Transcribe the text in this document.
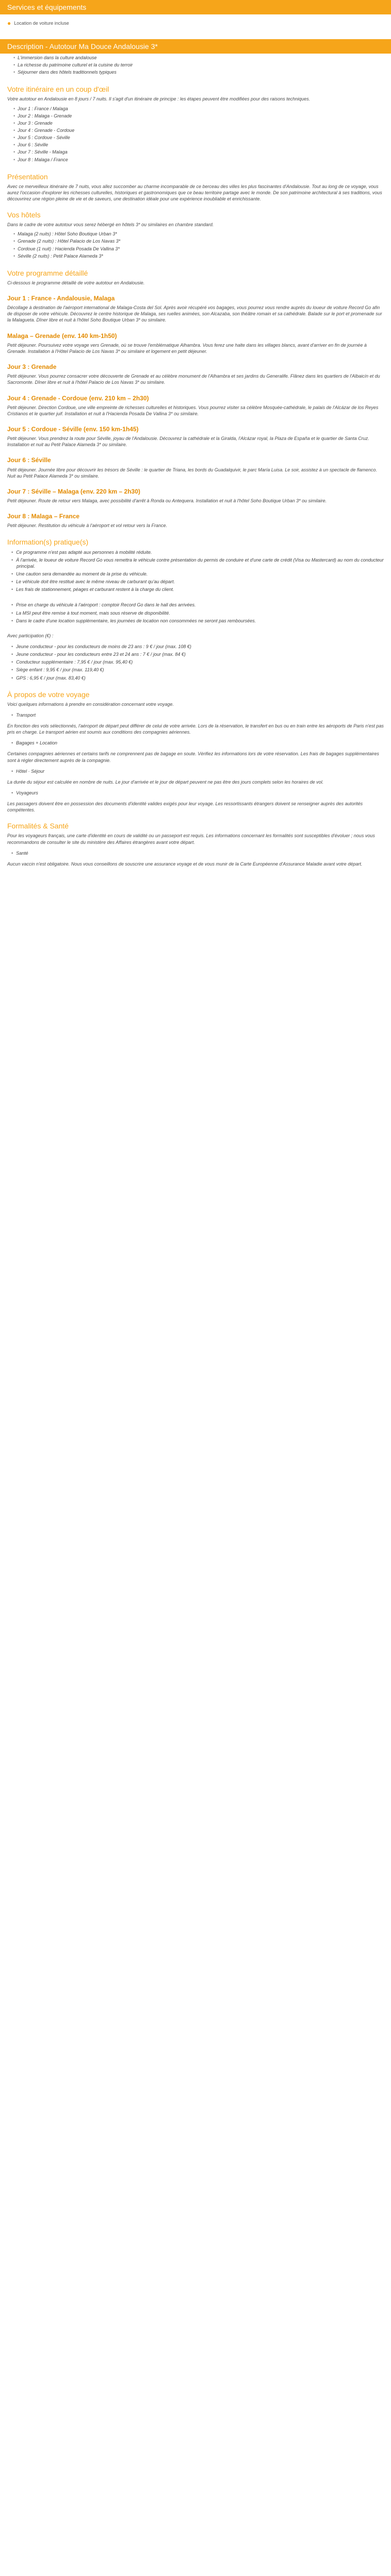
Services et équipements
● Location de voiture incluse
Description - Autotour Ma Douce Andalousie 3*
• L'immersion dans la culture andalouse
• La richesse du patrimoine culturel et la cuisine du terroir
• Séjourner dans des hôtels traditionnels typiques
Votre itinéraire en un coup d'œil

Votre autotour en Andalousie en 8 jours / 7 nuits. Il s'agit d'un itinéraire de principe : les étapes peuvent être modifiées pour des raisons techniques.

• Jour 1 : France / Malaga
• Jour 2 : Malaga - Grenade
• Jour 3 : Grenade
• Jour 4 : Grenade - Cordoue
• Jour 5 : Cordoue - Séville
• Jour 6 : Séville
• Jour 7 : Séville - Malaga
• Jour 8 : Malaga / France
Présentation

Avec ce merveilleux itinéraire de 7 nuits, vous allez succomber au charme incomparable de ce berceau des villes les plus fascinantes d'Andalousie. Tout au long de ce voyage, vous aurez l'occasion d'explorer les richesses culturelles, historiques et gastronomiques que ce beau territoire partage avec le monde. De son patrimoine architectural à ses traditions, vous découvrirez une région pleine de vie et de saveurs, une destination idéale pour une expérience inoubliable et enrichissante.

Vos hôtels

Dans le cadre de votre autotour vous serez hébergé en hôtels 3* ou similaires en chambre standard.

• Malaga (2 nuits) : Hôtel Soho Boutique Urban 3*
• Grenade (2 nuits) : Hôtel Palacio de Los Navas 3*
• Cordoue (1 nuit) : Hacienda Posada De Vallina 3*
• Séville (2 nuits) : Petit Palace Alameda 3*
Votre programme détaillé

Ci-dessous le programme détaillé de votre autotour en Andalousie.

Jour 1 : France - Andalousie, Malaga

Décollage à destination de l'aéroport international de Malaga-Costa del Sol. Après avoir récupéré vos bagages, vous pourrez vous rendre auprès du loueur de voiture Record Go afin de disposer de votre véhicule. Découvrez le centre historique de Malaga, ses ruelles animées, son Alcazaba, son théâtre romain et sa cathédrale. Balade sur le port et promenade sur la Malagueta. Dîner libre et nuit à l'hôtel Soho Boutique Urban 3* ou similaire.

Malaga – Grenade (env. 140 km-1h50)

Petit déjeuner. Poursuivez votre voyage vers Grenade, où se trouve l'emblématique Alhambra. Vous ferez une halte dans les villages blancs, avant d'arriver en fin de journée à Grenade. Installation à l'Hôtel Palacio de Los Navas 3* ou similaire et logement en petit déjeuner.

Jour 3 : Grenade

Petit déjeuner. Vous pourrez consacrer votre découverte de Grenade et au célèbre monument de l'Alhambra et ses jardins du Generalife. Flânez dans les quartiers de l'Albaicín et du Sacromonte. Dîner libre et nuit à l'hôtel Palacio de Los Navas 3* ou similaire.

Jour 4 : Grenade - Cordoue (env. 210 km – 2h30)

Petit déjeuner. Direction Cordoue, une ville empreinte de richesses culturelles et historiques. Vous pourrez visiter sa célèbre Mosquée-cathédrale, le palais de l'Alcázar de los Reyes Cristianos et le quartier juif. Installation et nuit à l'Hacienda Posada De Vallina 3* ou similaire.

Jour 5 : Cordoue - Séville (env. 150 km-1h45)

Petit déjeuner. Vous prendrez la route pour Séville, joyau de l'Andalousie. Découvrez la cathédrale et la Giralda, l'Alcázar royal, la Plaza de España et le quartier de Santa Cruz. Installation et nuit au Petit Palace Alameda 3* ou similaire.

Jour 6 : Séville

Petit déjeuner. Journée libre pour découvrir les trésors de Séville : le quartier de Triana, les bords du Guadalquivir, le parc María Luisa. Le soir, assistez à un spectacle de flamenco. Nuit au Petit Palace Alameda 3* ou similaire.

Jour 7 : Séville – Malaga (env. 220 km – 2h30)

Petit déjeuner. Route de retour vers Malaga, avec possibilité d'arrêt à Ronda ou Antequera. Installation et nuit à l'hôtel Soho Boutique Urban 3* ou similaire.

Jour 8 : Malaga – France

Petit déjeuner. Restitution du véhicule à l'aéroport et vol retour vers la France.

Information(s) pratique(s)
• Ce programme n'est pas adapté aux personnes à mobilité réduite.
• À l'arrivée, le loueur de voiture Record Go vous remettra le véhicule contre présentation du permis de conduire et d'une carte de crédit (Visa ou Mastercard) au nom du conducteur principal.
• Une caution sera demandée au moment de la prise du véhicule.
• Le véhicule doit être restitué avec le même niveau de carburant qu'au départ.
• Les frais de stationnement, péages et carburant restent à la charge du client.
• Prise en charge du véhicule à l'aéroport : comptoir Record Go dans le hall des arrivées.
• La MSI peut être remise à tout moment, mais sous réserve de disponibilité.
• Dans le cadre d'une location supplémentaire, les journées de location non consommées ne seront pas remboursées.

Avec participation (€) :

• Jeune conducteur - pour les conducteurs de moins de 23 ans : 9 € / jour (max. 108 €)
• Jeune conducteur - pour les conducteurs entre 23 et 24 ans : 7 € / jour (max. 84 €)
• Conducteur supplémentaire : 7,95 € / jour (max. 95,40 €)
• Siège enfant : 9,95 € / jour (max. 119,40 €)
• GPS : 6,95 € / jour (max. 83,40 €)
À propos de votre voyage

Voici quelques informations à prendre en considération concernant votre voyage.

• Transport

En fonction des vols sélectionnés, l'aéroport de départ peut différer de celui de votre arrivée. Lors de la réservation, le transfert en bus ou en train entre les aéroports de Paris n'est pas pris en charge. Le transport aérien est soumis aux conditions des compagnies aériennes.

• Bagages + Location

Certaines compagnies aériennes et certains tarifs ne comprennent pas de bagage en soute. Vérifiez les informations lors de votre réservation. Les frais de bagages supplémentaires sont à régler directement auprès de la compagnie.

• Hôtel · Séjour

La durée du séjour est calculée en nombre de nuits. Le jour d'arrivée et le jour de départ peuvent ne pas être des jours complets selon les horaires de vol.

• Voyageurs

Les passagers doivent être en possession des documents d'identité valides exigés pour leur voyage. Les ressortissants étrangers doivent se renseigner auprès des autorités compétentes.

Formalités & Santé

Pour les voyageurs français, une carte d'identité en cours de validité ou un passeport est requis. Les informations concernant les formalités sont susceptibles d'évoluer ; nous vous recommandons de consulter le site du ministère des Affaires étrangères avant votre départ.

• Santé

Aucun vaccin n'est obligatoire. Nous vous conseillons de souscrire une assurance voyage et de vous munir de la Carte Européenne d'Assurance Maladie avant votre départ.
